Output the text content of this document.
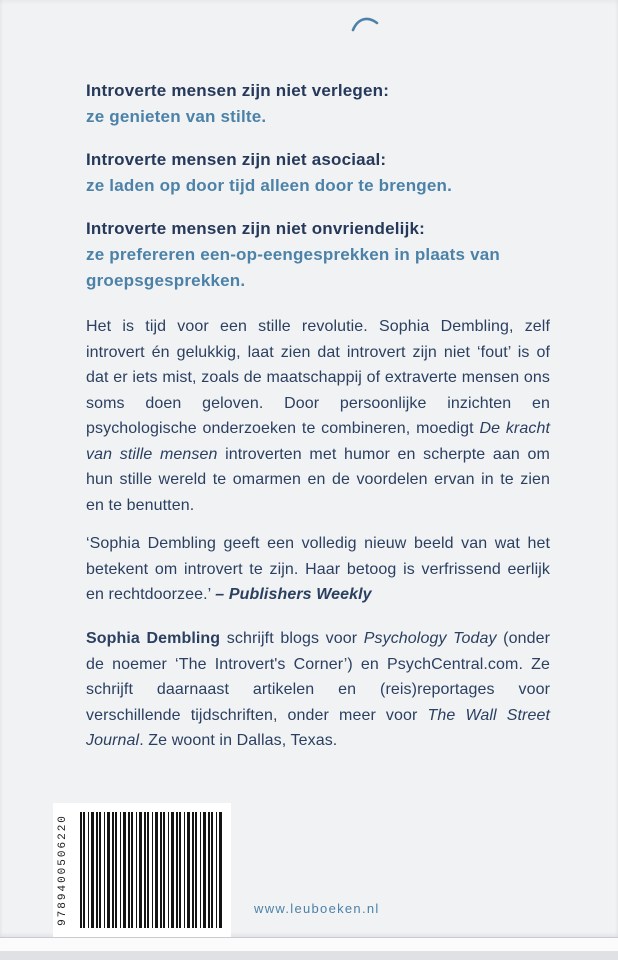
Introverte mensen zijn niet verlegen:
ze genieten van stilte.
Introverte mensen zijn niet asociaal:
ze laden op door tijd alleen door te brengen.
Introverte mensen zijn niet onvriendelijk:
ze prefereren een-op-eengesprekken in plaats van groepsgesprekken.

Het is tijd voor een stille revolutie. Sophia Dembling, zelf introvert én gelukkig, laat zien dat introvert zijn niet ‘fout’ is of dat er iets mist, zoals de maatschappij of extraverte mensen ons soms doen geloven. Door persoonlijke inzichten en psychologische onderzoeken te combineren, moedigt De kracht van stille mensen introverten met humor en scherpte aan om hun stille wereld te omarmen en de voordelen ervan in te zien en te benutten.

‘Sophia Dembling geeft een volledig nieuw beeld van wat het betekent om introvert te zijn. Haar betoog is verfrissend eerlijk en rechtdoorzee.’ – Publishers Weekly

Sophia Dembling schrijft blogs voor Psychology Today (onder de noemer ‘The Introvert's Corner’) en PsychCentral.com. Ze schrijft daarnaast artikelen en (reis)reportages voor verschillende tijdschriften, onder meer voor The Wall Street Journal. Ze woont in Dallas, Texas.

9789400506220	www.leuboeken.nl
